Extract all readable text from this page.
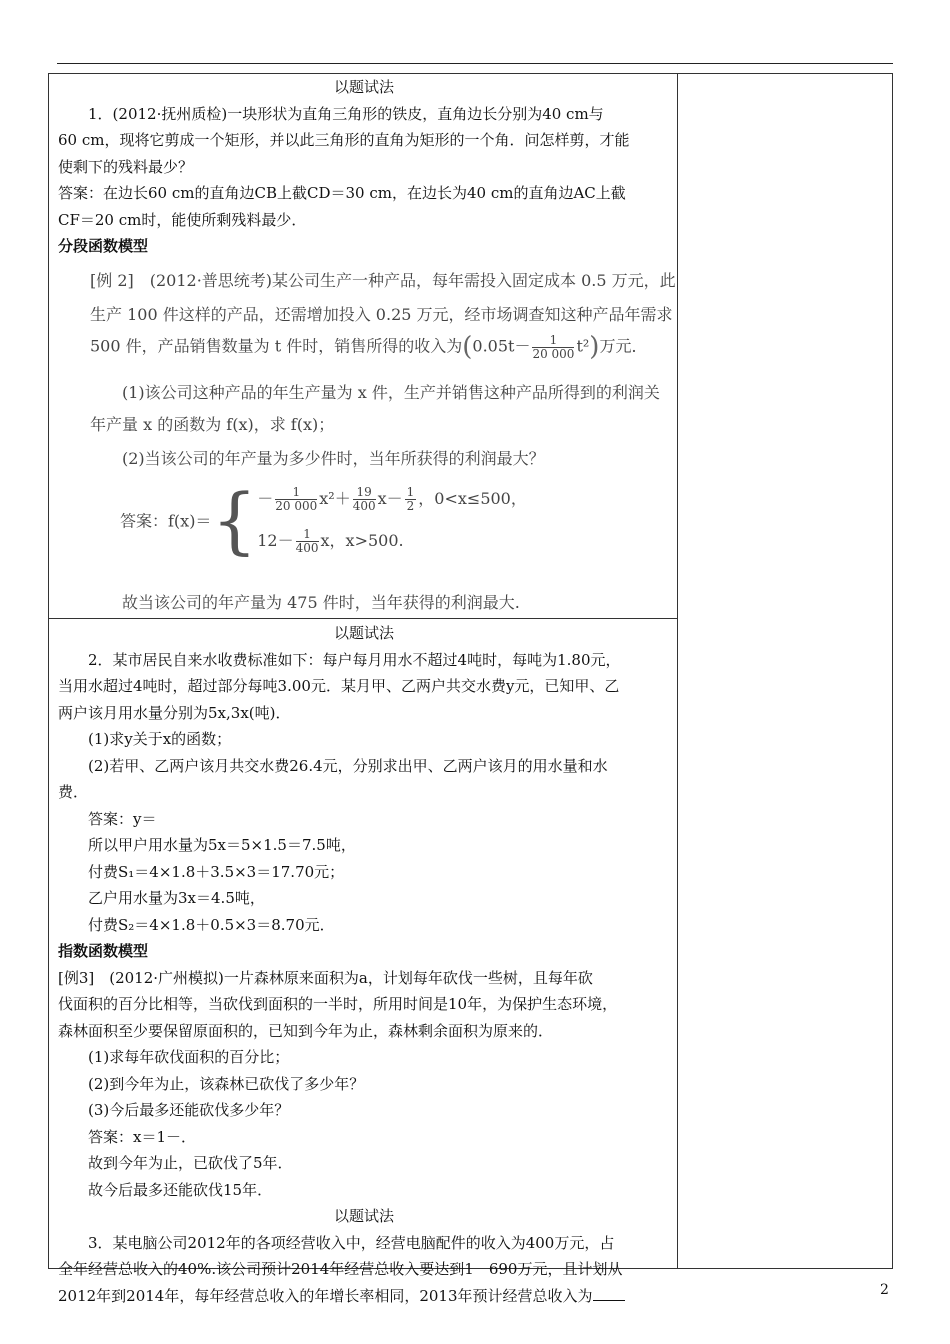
以题试法

1．(2012·抚州质检)一块形状为直角三角形的铁皮，直角边长分别为40 cm与

60 cm，现将它剪成一个矩形，并以此三角形的直角为矩形的一个角．问怎样剪，才能

使剩下的残料最少？

答案：在边长60 cm的直角边CB上截CD＝30 cm，在边长为40 cm的直角边AC上截

CF＝20 cm时，能使所剩残料最少．

分段函数模型

[例 2]　(2012·普思统考)某公司生产一种产品，每年需投入固定成本 0.5 万元，此

生产 100 件这样的产品，还需增加投入 0.25 万元，经市场调查知这种产品年需求

500 件，产品销售数量为 t 件时，销售所得的收入为$(0.05t- \frac{1}{20 000} t^2)$万元．

(1)该公司这种产品的年生产量为 x 件，生产并销售这种产品所得到的利润关

年产量 x 的函数为 f(x)，求 f(x)；

(2)当该公司的年产量为多少件时，当年所获得的利润最大？

答案：$f(x)=\{ - \frac{1}{20 000} x^2+ \frac{19}{400} x- \frac{1}{2}$ ，0<x≤500，
$12- \frac{1}{400}$ x，x>500.

故当该公司的年产量为 475 件时，当年获得的利润最大.

以题试法

2．某市居民自来水收费标准如下：每户每月用水不超过4吨时，每吨为1.80元，

当用水超过4吨时，超过部分每吨3.00元．某月甲、乙两户共交水费y元，已知甲、乙

两户该月用水量分别为5x,3x(吨)．

(1)求y关于x的函数；

(2)若甲、乙两户该月共交水费26.4元，分别求出甲、乙两户该月的用水量和水

费．

答案：y＝

所以甲户用水量为5x＝5×1.5＝7.5吨，

付费S₁＝4×1.8＋3.5×3＝17.70元；

乙户用水量为3x＝4.5吨，

付费S₂＝4×1.8＋0.5×3＝8.70元．

指数函数模型

[例3]　(2012·广州模拟)一片森林原来面积为a，计划每年砍伐一些树，且每年砍

伐面积的百分比相等，当砍伐到面积的一半时，所用时间是10年，为保护生态环境，

森林面积至少要保留原面积的，已知到今年为止，森林剩余面积为原来的．

(1)求每年砍伐面积的百分比；

(2)到今年为止，该森林已砍伐了多少年？

(3)今后最多还能砍伐多少年？

答案：x＝1－．

故到今年为止，已砍伐了5年．

故今后最多还能砍伐15年．

以题试法

3．某电脑公司2012年的各项经营收入中，经营电脑配件的收入为400万元，占

全年经营总收入的40%.该公司预计2014年经营总收入要达到1　690万元，且计划从

2012年到2014年，每年经营总收入的年增长率相同，2013年预计经营总收入为	2
